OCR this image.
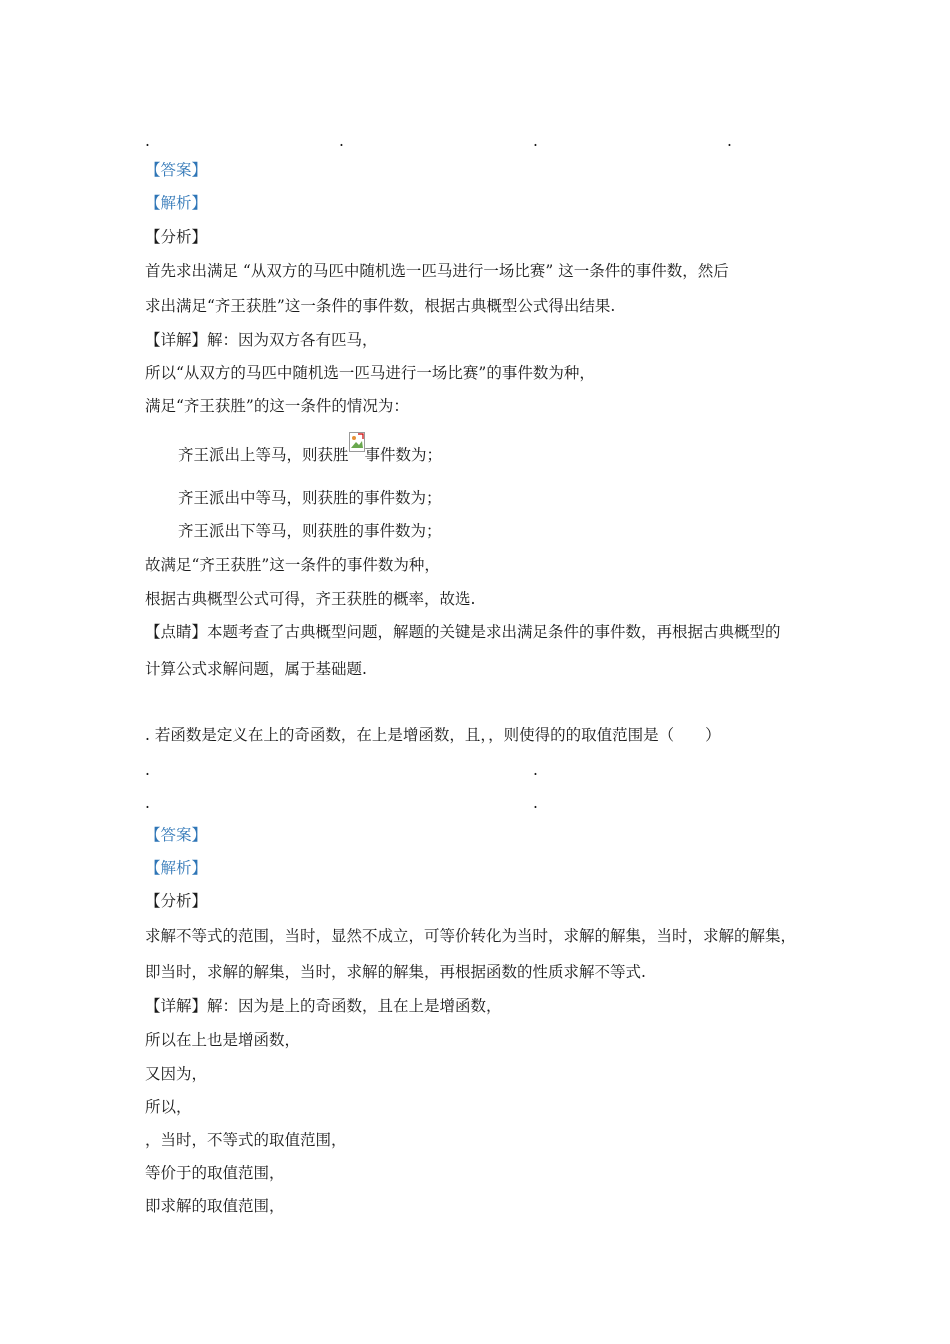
.	.	.	.
【答案】
【解析】
【分析】
首先求出满足 “从双方的马匹中随机选一匹马进行一场比赛” 这一条件的事件数，然后
求出满足“齐王获胜”这一条件的事件数，根据古典概型公式得出结果.
【详解】解：因为双方各有匹马，
所以“从双方的马匹中随机选一匹马进行一场比赛”的事件数为种，
满足“齐王获胜”的这一条件的情况为：
齐王派出上等马，则获胜 事件数为；
齐王派出中等马，则获胜的事件数为；
齐王派出下等马，则获胜的事件数为；
故满足“齐王获胜”这一条件的事件数为种，
根据古典概型公式可得，齐王获胜的概率，故选.
【点睛】本题考查了古典概型问题，解题的关键是求出满足条件的事件数，再根据古典概型的
计算公式求解问题，属于基础题.
. 若函数是定义在上的奇函数，在上是增函数，且，，则使得的的取值范围是（　　）
.	.
.	.
【答案】
【解析】
【分析】
求解不等式的范围，当时，显然不成立，可等价转化为当时，求解的解集，当时，求解的解集，
即当时，求解的解集，当时，求解的解集，再根据函数的性质求解不等式.
【详解】解：因为是上的奇函数，且在上是增函数，
所以在上也是增函数，
又因为，
所以，
，当时，不等式的取值范围，
等价于的取值范围，
即求解的取值范围，
